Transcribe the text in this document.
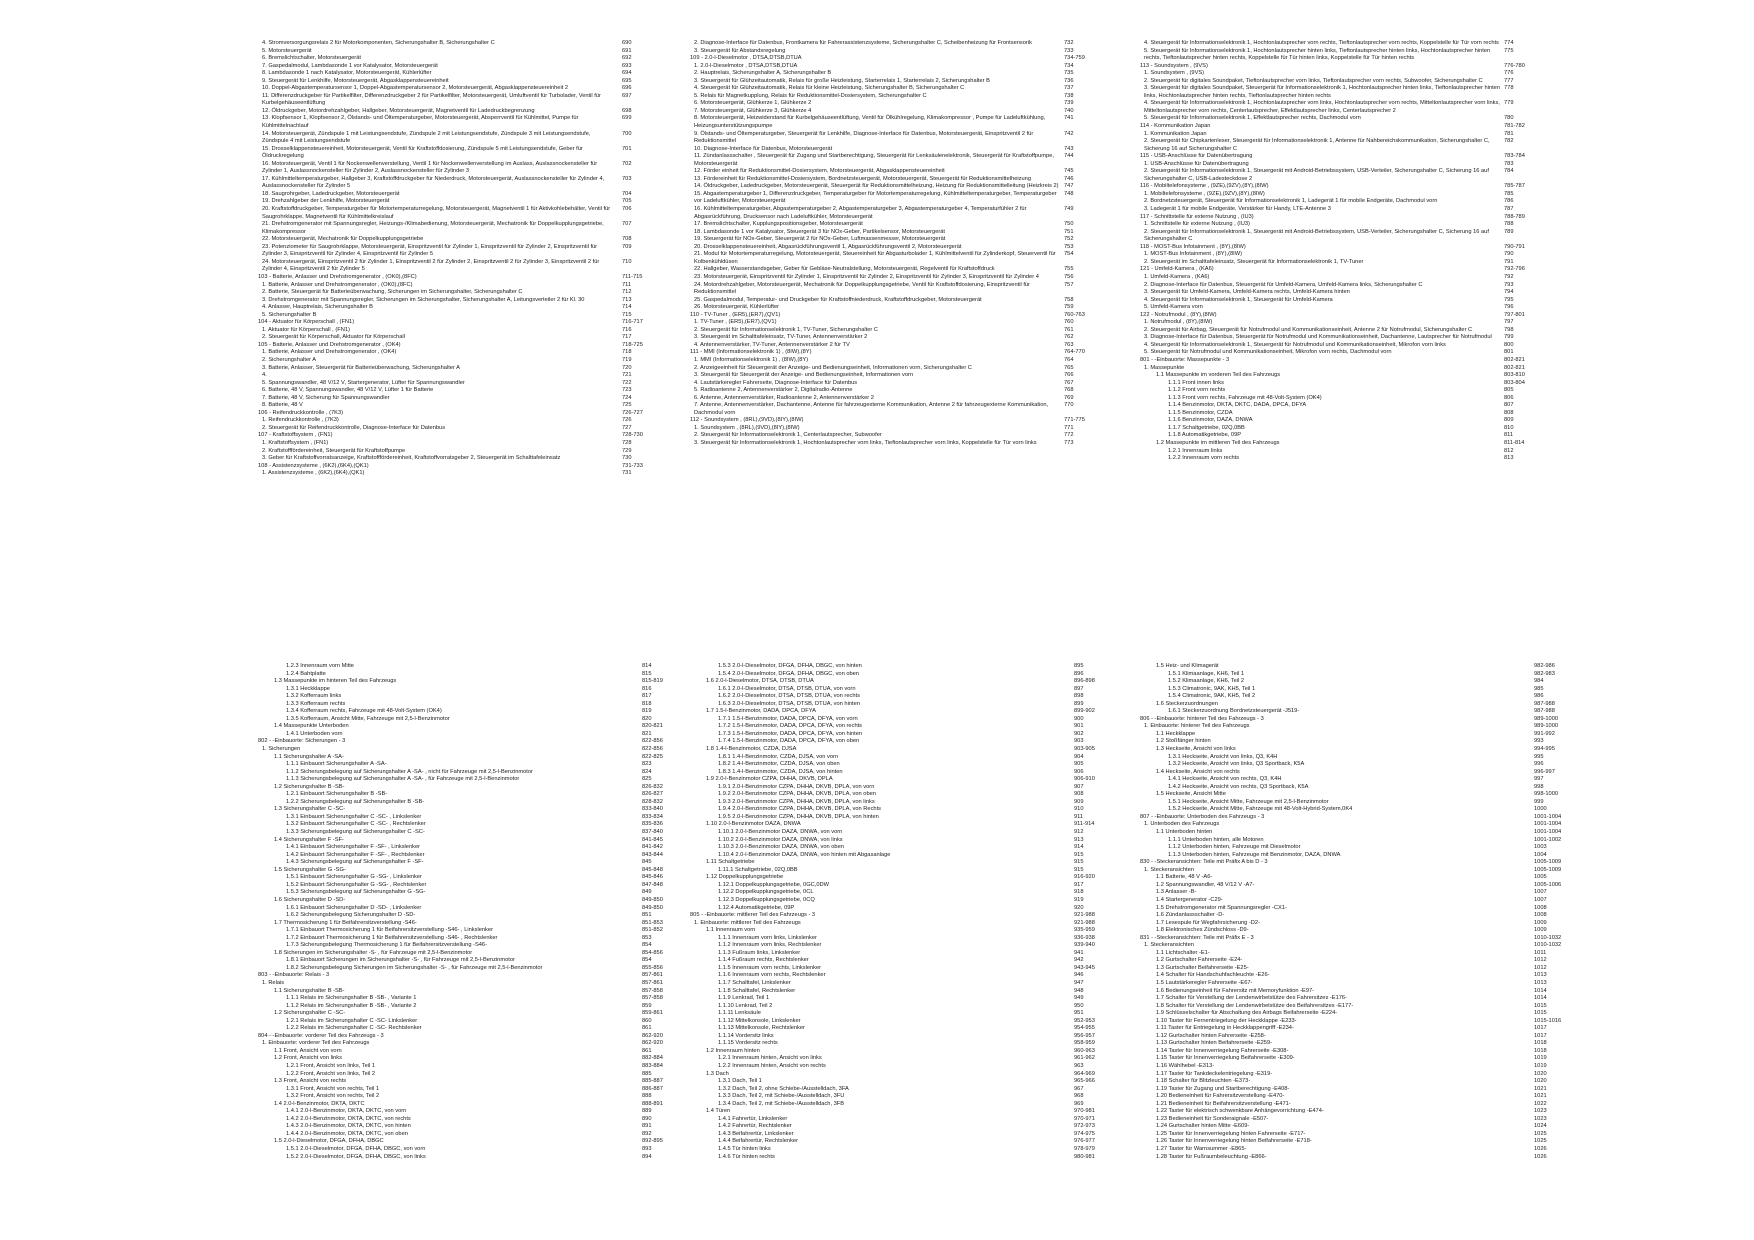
4. Stromversorgungsrelais 2 für Motorkomponenten, Sicherungshalter B, Sicherungshalter C	690
5. Motorsteuergerät	691
6. Bremslichtschalter, Motorsteuergerät	692
7. Gaspedalmodul, Lambdasonde 1 vor Katalysator, Motorsteuergerät	693
8. Lambdasonde 1 nach Katalysator, Motorsteuergerät, Kühlerlüfter	694
9. Steuergerät für Lenkhilfe, Motorsteuergerät, Abgasklappensteuereinheit	695
10. Doppel-Abgastemperatursensor 1, Doppel-Abgastemperatursensor 2, Motorsteuergerät, Abgasklappensteuereinheit 2	696
11. Differenzdruckgeber für Partikelfilter, Differenzdruckgeber 2 für Partikelfilter, Motorsteuergerät, Umluftventil für Turbolader, Ventil für Kurbelgehäuseentlüftung
697
12. Öldruckgeber, Motordrehzahlgeber, Hallgeber, Motorsteuergerät, Magnetventil für Ladedruckbegrenzung	698
13. Klopfsensor 1, Klopfsensor 2, Ölstands- und Öltemperaturgeber, Motorsteuergerät, Absperrventil für Kühlmittel, Pumpe für Kühlmittelnachlauf
699
14. Motorsteuergerät, Zündspule 1 mit Leistungsendstufe, Zündspule 2 mit Leistungsendstufe, Zündspule 3 mit Leistungsendstufe, Zündspule 4 mit Leistungsendstufe
700
15. Drosselklappensteuereinheit, Motorsteuergerät, Ventil für Kraftstoffdosierung, Zündspule 5 mit Leistungsendstufe, Geber für Öldruckregelung
701
16. Motorsteuergerät, Ventil 1 für Nockenwellenverstellung, Ventil 1 für Nockenwellenverstellung im Auslass, Auslassnockensteller für Zylinder 1, Auslassnockensteller für Zylinder 2, Auslassnockensteller für Zylinder 3
702
17. Kühlmitteltemperaturgeber, Hallgeber 3, Kraftstoffdruckgeber für Niederdruck, Motorsteuergerät, Auslassnockensteller für Zylinder 4, Auslassnockensteller für Zylinder 5
703
18. Saugrohrgeber, Ladedruckgeber, Motorsteuergerät	704
19. Drehzahlgeber der Lenkhilfe, Motorsteuergerät	705
20. Kraftstoffdruckgeber, Temperaturgeber für Motortemperaturregelung, Motorsteuergerät, Magnetventil 1 für Aktivkohlebehälter, Ventil für Saugrohrklappe, Magnetventil für Kühlmittelkreislauf
706
21. Drehstromgenerator mit Spannungsregler, Heizungs-/Klimabedienung, Motorsteuergerät, Mechatronik für Doppelkupplungsgetriebe, Klimakompressor
707
22. Motorsteuergerät, Mechatronik für Doppelkupplungsgetriebe	708
23. Potenziometer für Saugrohrklappe, Motorsteuergerät, Einspritzventil für Zylinder 1, Einspritzventil für Zylinder 2, Einspritzventil für Zylinder 3, Einspritzventil für Zylinder 4, Einspritzventil für Zylinder 5
709
24. Motorsteuergerät, Einspritzventil 2 für Zylinder 1, Einspritzventil 2 für Zylinder 2, Einspritzventil 2 für Zylinder 3, Einspritzventil 2 für Zylinder 4, Einspritzventil 2 für Zylinder 5
710
103 - Batterie, Anlasser und Drehstromgenerator , (OK0),(8FC)	711-715
1. Batterie, Anlasser und Drehstromgenerator , (OK0),(8FC)	711
2. Batterie, Steuergerät für Batterieüberwachung, Sicherungen im Sicherungshalter, Sicherungshalter C	712
3. Drehstromgenerator mit Spannungsregler, Sicherungen im Sicherungshalter, Sicherungshalter A, Leitungsverteiler 2 für Kl. 30	713
4. Anlasser, Hauptrelais, Sicherungshalter B	714
5. Sicherungshalter B	715
104 - Aktuator für Körperschall , (FN1)	716-717
1. Aktuator für Körperschall , (FN1)	716
2. Steuergerät für Körperschall, Aktuator für Körperschall	717
105 - Batterie, Anlasser und Drehstromgenerator , (OK4)	718-725
1. Batterie, Anlasser und Drehstromgenerator , (OK4)	718
2. Sicherungshalter A	719
3. Batterie, Anlasser, Steuergerät für Batterieüberwachung, Sicherungshalter A	720
4.	721
5. Spannungswandler, 48 V/12 V, Startergenerator, Lüfter für Spannungswandler	722
6. Batterie, 48 V, Spannungswandler, 48 V/12 V, Lüfter 1 für Batterie	723
7. Batterie, 48 V, Sicherung für Spannungswandler	724
8. Batterie, 48 V	725
106 - Reifendruckkontrolle , (7K3)	726-727
1. Reifendruckkontrolle , (7K3)	726
2. Steuergerät für Reifendruckkontrolle, Diagnose-Interface für Datenbus	727
107 - Kraftstoffsystem , (FN1)	728-730
1. Kraftstoffsystem , (FN1)	728
2. Kraftstofffördereinheit, Steuergerät für Kraftstoffpumpe	729
3. Geber für Kraftstoffvorratsanzeige, Kraftstofffördereinheit, Kraftstoffvorratsgeber 2, Steuergerät im Schalttafeleinsatz	730
108 - Assistenzsysteme , (6K2),(6K4),(QK1)	731-733
1. Assistenzsysteme , (6K2),(6K4),(QK1)	731
2. Diagnose-Interface für Datenbus, Frontkamera für Fahrerassistenzsysteme, Sicherungshalter C, Scheibenheizung für Frontsensorik	732
3. Steuergerät für Abstandsregelung	733
109 - 2.0-l-Dieselmotor , DTSA,DTSB,DTUA	734-759
1. 2.0-l-Dieselmotor , DTSA,DTSB,DTUA	734
2. Hauptrelais, Sicherungshalter A, Sicherungshalter B	735
3. Steuergerät für Glühzeitautomatik, Relais für große Heizleistung, Starterrelais 1, Starterrelais 2, Sicherungshalter B	736
4. Steuergerät für Glühzeitautomatik, Relais für kleine Heizleistung, Sicherungshalter B, Sicherungshalter C	737
5. Relais für Magnetkupplung, Relais für Reduktionsmittel-Dosiersystem, Sicherungshalter C	738
6. Motorsteuergerät, Glühkerze 1, Glühkerze 2	739
7. Motorsteuergerät, Glühkerze 3, Glühkerze 4	740
8. Motorsteuergerät, Heizwiderstand für Kurbelgehäuseentlüftung, Ventil für Ölkühlregelung, Klimakompressor , Pumpe für Ladeluftkühlung, Heizungsunterstützungspumpe
741
9. Ölstands- und Öltemperaturgeber, Steuergerät für Lenkhilfe, Diagnose-Interface für Datenbus, Motorsteuergerät, Einspritzventil 2 für Reduktionsmittel
742
10. Diagnose-Interface für Datenbus, Motorsteuergerät	743
11. Zündanlassschalter , Steuergerät für Zugang und Startberechtigung, Steuergerät für Lenksäulenelektronik, Steuergerät für Kraftstoffpumpe, Motorsteuergerät
744
12. Förder einheit für Reduktionsmittel-Dosiersystem, Motorsteuergerät, Abgasklappensteuereinheit	745
13. Fördereinheit für Reduktionsmittel-Dosiersystem, Bordnetzsteuergerät, Motorsteuergerät, Steuergerät für Reduktionsmittelheizung	746
14. Öldruckgeber, Ladedruckgeber, Motorsteuergerät, Steuergerät für Reduktionsmittelheizung, Heizung für Reduktionsmittelleitung (Heizkreis 2) 747
15. Abgastemperaturgeber 1, Differenzdruckgeber, Temperaturgeber für Motortemperaturregelung, Kühlmitteltemperaturgeber, Temperaturgeber vor Ladeluftkühler, Motorsteuergerät
748
16. Kühlmitteltemperaturgeber, Abgastemperaturgeber 2, Abgastemperaturgeber 3, Abgastemperaturgeber 4, Temperaturfühler 2 für Abgasrückführung, Drucksensor nach Ladeluftkühler, Motorsteuergerät
749
17. Bremslichtschalter, Kupplungspositionsgeber, Motorsteuergerät	750
18. Lambdasonde 1 vor Katalysator, Steuergerät 3 für NOx-Geber, Partikelsensor, Motorsteuergerät	751
19. Steuergerät für NOx-Geber, Steuergerät 2 für NOx-Geber, Luftmassenmesser, Motorsteuergerät	752
20. Drosselklappensteuereinheit, Abgasrückführungsventil 1, Abgasrückführungsventil 2, Motorsteuergerät	753
21. Modul für Motortemperaturregelung, Motorsteuergerät, Steuereinheit für Abgasturbolader 1, Kühlmittelventil für Zylinderkopf, Steuerventil für Kolbenkühldüsen
754
22. Hallgeber, Wasserstandsgeber, Geber für Gebläse-Neutralstellung, Motorsteuergerät, Regelventil für Kraftstoffdruck	755
23. Motorsteuergerät, Einspritzventil für Zylinder 1, Einspritzventil für Zylinder 2, Einspritzventil für Zylinder 3, Einspritzventil für Zylinder 4	756
24. Motordrehzahlgeber, Motorsteuergerät, Mechatronik für Doppelkupplungsgetriebe, Ventil für Kraftstoffdosierung, Einspritzventil für Reduktionsmittel
757
25. Gaspedalmodul, Temperatur- und Druckgeber für Kraftstoffniederdruck, Kraftstoffdruckgeber, Motorsteuergerät	758
26. Motorsteuergerät, Kühlerlüfter	759
110 - TV-Tuner , (ER5),(ER7),(QV1)	760-763
1. TV-Tuner , (ER5),(ER7),(QV1)	760
2. Steuergerät für Informationselektronik 1, TV-Tuner, Sicherungshalter C	761
3. Steuergerät im Schalttafeleinsatz, TV-Tuner, Antennenverstärker 2	762
4. Antennenverstärker, TV-Tuner, Antennenverstärker 2 für TV	763
111 - MMI (Informationselektronik 1) , (8IW),(8Y)	764-770
1. MMI (Informationselektronik 1) , (8IW),(8Y)	764
2. Anzeigeeinheit für Steuergerät der Anzeige- und Bedienungseinheit, Informationen vorn, Sicherungshalter C	765
3. Steuergerät für Steuergerät der Anzeige- und Bedienungseinheit, Informationen vorn	766
4. Lautstärkeregler Fahrerseite, Diagnose-Interface für Datenbus	767
5. Radioantenne 2, Antennenverstärker 2, Digitalradio-Antenne	768
6. Antenne, Antennenverstärker, Radioantenne 2, Antennenverstärker 2	769
7. Antenne, Antennenverstärker, Dachantenne, Antenne für fahrzeugexterne Kommunikation, Antenne 2 für fahrzeugexterne Kommunikation, Dachmodul vorn
770
112 - Soundsystem , (8RL),(9VD),(8IY),(8IW)	771-775
1. Soundsystem , (8RL),(9VD),(8IY),(8IW)	771
2. Steuergerät für Informationselektronik 1, Centerlautsprecher, Subwoofer	772
3. Steuergerät für Informationselektronik 1, Hochtonlautsprecher vorn links, Tieftonlautsprecher vorn links, Koppelstelle für Tür vorn links	773
4. Steuergerät für Informationselektronik 1, Hochtonlautsprecher vorn rechts, Tieftonlautsprecher vorn rechts, Koppelstelle für Tür vorn rechts 774
5. Steuergerät für Informationselektronik 1, Hochtonlautsprecher hinten links, Tieftonlautsprecher hinten links, Hochtonlautsprecher hinten rechts, Tieftonlautsprecher hinten rechts, Koppelstelle für Tür hinten links, Koppelstelle für Tür hinten rechts
775
113 - Soundsystem , (9VS)	776-780
1. Soundsystem , (9VS)	776
2. Steuergerät für digitales Soundpaket, Tieftonlautsprecher vorn links, Tieftonlautsprecher vorn rechts, Subwoofer, Sicherungshalter C	777
3. Steuergerät für digitales Soundpaket, Steuergerät für Informationselektronik 1, Hochtonlautsprecher hinten links, Tieftonlautsprecher hinten links, Hochtonlautsprecher hinten rechts, Tieftonlautsprecher hinten rechts
778
4. Steuergerät für Informationselektronik 1, Hochtonlautsprecher vorn links, Hochtonlautsprecher vorn rechts, Mitteltonlautsprecher vorn links, Mitteltonlautsprecher vorn rechts, Centerlautsprecher, Effektlautsprecher links, Centerlautsprecher 2
779
5. Steuergerät für Informationselektronik 1, Effektlautsprecher rechts, Dachmodul vorn	780
114 - Kommunikation Japan	781-782
1. Kommunikation Japan	781
2. Steuergerät für Chipkartenleser, Steuergerät für Informationselektronik 1, Antenne für Nahbereichskommunikation, Sicherungshalter C, Sicherung 16 auf Sicherungshalter C
782
115 - USB-Anschlüsse für Datenübertragung	783-784
1. USB-Anschlüsse für Datenübertragung	783
2. Steuergerät für Informationselektronik 1, Steuergerät mit Android-Betriebssystem, USB-Verteiler, Sicherungshalter C, Sicherung 16 auf Sicherungshalter C, USB-Ladesteckdose 2
784
116 - Mobiltelefonsysteme , (9ZE),(9ZV),(8Y),(8IW)	785-787
1. Mobiltelefonsysteme , (9ZE),(9ZV),(8Y),(8IW)	785
2. Bordnetzsteuergerät, Steuergerät für Informationselektronik 1, Ladegerät 1 für mobile Endgeräte, Dachmodul vorn	786
3. Ladegerät 1 für mobile Endgeräte, Verstärker für Handy, LTE-Antenne 3	787
117 - Schnittstelle für externe Nutzung , (IU3)	788-789
1. Schnittstelle für externe Nutzung , (IU3)	788
2. Steuergerät für Informationselektronik 1, Steuergerät mit Android-Betriebssystem, USB-Verteiler, Sicherungshalter C, Sicherung 16 auf Sicherungshalter C
789
118 - MOST-Bus Infotainment , (8Y),(8IW)	790-791
1. MOST-Bus Infotainment , (8Y),(8IW)	790
2. Steuergerät im Schalttafeleinsatz, Steuergerät für Informationselektronik 1, TV-Tuner	791
121 - Umfeld-Kamera , (KA6)	792-796
1. Umfeld-Kamera , (KA6)	792
2. Diagnose-Interface für Datenbus, Steuergerät für Umfeld-Kamera, Umfeld-Kamera links, Sicherungshalter C	793
3. Steuergerät für Umfeld-Kamera, Umfeld-Kamera rechts, Umfeld-Kamera hinten	794
4. Steuergerät für Informationselektronik 1, Steuergerät für Umfeld-Kamera	795
5. Umfeld-Kamera vorn	796
122 - Notrufmodul , (8Y),(8IW)	797-801
1. Notrufmodul , (8Y),(8IW)	797
2. Steuergerät für Airbag, Steuergerät für Notrufmodul und Kommunikationseinheit, Antenne 2 für Notrufmodul, Sicherungshalter C	798
3. Diagnose-Interface für Datenbus, Steuergerät für Notrufmodul und Kommunikationseinheit, Dachantenne, Lautsprecher für Notrufmodul	799
4. Steuergerät für Informationselektronik 1, Steuergerät für Notrufmodul und Kommunikationseinheit, Mikrofon vorn links	800
5. Steuergerät für Notrufmodul und Kommunikationseinheit, Mikrofon vorn rechts, Dachmodul vorn	801
801 - -Einbauorte: Massepunkte - 3	802-821
1. Massepunkte	802-821
1.1 Massepunkte im vorderen Teil des Fahrzeugs	803-810
1.1.1 Front innen links	803-804
1.1.2 Front vorn rechts	805
1.1.3 Front vorn rechts, Fahrzeuge mit 48-Volt-System (OK4)	806
1.1.4 Benzinmotor, DKTA, DKTC, DADA, DPCA, DFYA	807
1.1.5 Benzinmotor, CZDA	808
1.1.6 Benzinmotor, DAZA, DNWA	809
1.1.7 Schaltgetriebe, 02Q,0BB	810
1.1.8 Automatikgetriebe, 09P	811
1.2 Massepunkte im mittleren Teil des Fahrzeugs	811-814
1.2.1 Innenraum links	812
1.2.2 Innenraum vorn rechts	813
1.2.3 Innenraum vorn Mitte	814
1.2.4 Bahtplatte	815
1.3 Massepunkte im hinteren Teil des Fahrzeugs	815-819
1.3.1 Heckklappe	816
1.3.2 Kofferraum links	817
1.3.3 Kofferraum rechts	818
1.3.4 Kofferraum rechts, Fahrzeuge mit 48-Volt-System (OK4)	819
1.3.5 Kofferraum, Ansicht Mitte, Fahrzeuge mit 2,5-l-Benzinmotor	820
1.4 Massepunkte Unterboden	820-821
1.4.1 Unterboden vorn	821
802 - -Einbauorte: Sicherungen - 3	822-856
1. Sicherungen	822-856
1.1 Sicherungshalter A -SA-	822-825
1.1.1 Einbauort Sicherungshalter A -SA-	823
1.1.2 Sicherungsbelegung auf Sicherungshalter A -SA- , nicht für Fahrzeuge mit 2,5-l-Benzinmotor	824
1.1.3 Sicherungsbelegung auf Sicherungshalter A -SA- , für Fahrzeuge mit 2,5-l-Benzinmotor	825
1.2 Sicherungshalter B -SB-	826-832
1.2.1 Einbauort Sicherungshalter B -SB-	826-827
1.2.2 Sicherungsbelegung auf Sicherungshalter B -SB-	828-832
1.3 Sicherungshalter C -SC-	833-840
1.3.1 Einbauort Sicherungshalter C -SC- , Linkslenker	833-834
1.3.2 Einbauort Sicherungshalter C -SC- , Rechtslenker	835-836
1.3.3 Sicherungsbelegung auf Sicherungshalter C -SC-	837-840
1.4 Sicherungshalter F -SF-	841-845
1.4.1 Einbauort Sicherungshalter F -SF- , Linkslenker	841-842
1.4.2 Einbauort Sicherungshalter F -SF- , Rechtslenker	843-844
1.4.3 Sicherungsbelegung auf Sicherungshalter F -SF-	845
1.5 Sicherungshalter G -SG-	845-848
1.5.1 Einbauort Sicherungshalter G -SG- , Linkslenker	845-846
1.5.2 Einbauort Sicherungshalter G -SG- , Rechtslenker	847-848
1.5.3 Sicherungsbelegung auf Sicherungshalter G -SG-	849
1.6 Sicherungshalter D -SD-	849-850
1.6.1 Einbauort Sicherungshalter D -SD- , Linkslenker	849-850
1.6.2 Sicherungsbelegung Sicherungshalter D -SD-	851
1.7 Thermosicherung 1 für Beifahrersitzverstellung -S46-	851-853
1.7.1 Einbauort Thermosicherung 1 für Beifahrersitzverstellung -S46- , Linkslenker	851-852
1.7.2 Einbauort Thermosicherung 1 für Beifahrersitzverstellung -S46- , Rechtslenker	853
1.7.3 Sicherungsbelegung Thermosicherung 1 für Beifahrersitzverstellung -S46-	854
1.8 Sicherungen im Sicherungshalter -S- , für Fahrzeuge mit 2,5-l-Benzinmotor	854-856
1.8.1 Einbauort Sicherungen im Sicherungshalter -S- , für Fahrzeuge mit 2,5-l-Benzinmotor	854
1.8.2 Sicherungsbelegung Sicherungen im Sicherungshalter -S- , für Fahrzeuge mit 2,5-l-Benzinmotor	855-856
803 - -Einbauorte: Relais - 3	857-861
1. Relais	857-861
1.1 Sicherungshalter B -SB-	857-858
1.1.1 Relais im Sicherungshalter B -SB- , Variante 1	857-858
1.1.2 Relais im Sicherungshalter B -SB- , Variante 2	859
1.2 Sicherungshalter C -SC-	859-861
1.2.1 Relais im Sicherungshalter C -SC- Linkslenker	860
1.2.2 Relais im Sicherungshalter C -SC- Rechtslenker	861
804 - -Einbauorte: vorderer Teil des Fahrzeugs - 3	862-920
1. Einbauorte: vorderer Teil des Fahrzeugs	862-920
1.1 Front, Ansicht von vorn	861
1.2 Front, Ansicht von links	882-884
1.2.1 Front, Ansicht von links, Teil 1	883-884
1.2.2 Front, Ansicht von links, Teil 2	885
1.3 Front, Ansicht von rechts	885-887
1.3.1 Front, Ansicht von rechts, Teil 1	886-887
1.3.2 Front, Ansicht von rechts, Teil 2	888
1.4 2.0-l-Benzinmotor, DKTA, DKTC	888-891
1.4.1 2.0-l-Benzinmotor, DKTA, DKTC, von vorn	889
1.4.2 2.0-l-Benzinmotor, DKTA, DKTC, von rechts	890
1.4.3 2.0-l-Benzinmotor, DKTA, DKTC, von hinten	891
1.4.4 2.0-l-Benzinmotor, DKTA, DKTC, von oben	892
1.5 2.0-l-Dieselmotor, DFGA, DFHA, DBGC	892-895
1.5.1 2.0-l-Dieselmotor, DFGA, DFHA, DBGC, von vorn	893
1.5.2 2.0-l-Dieselmotor, DFGA, DFHA, DBGC, von links	894
1.5.3 2.0-l-Dieselmotor, DFGA, DFHA, DBGC, von hinten	895
1.5.4 2.0-l-Dieselmotor, DFGA, DFHA, DBGC, von oben	896
1.6 2.0-l-Dieselmotor, DTSA, DTSB, DTUA	896-898
1.6.1 2.0-l-Dieselmotor, DTSA, DTSB, DTUA, von vorn	897
1.6.2 2.0-l-Dieselmotor, DTSA, DTSB, DTUA, von rechts	898
1.6.3 2.0-l-Dieselmotor, DTSA, DTSB, DTUA, von hinten	899
1.7 1.5-l-Benzinmotor, DADA, DPCA, DFYA	899-902
1.7.1 1.5-l-Benzinmotor, DADA, DPCA, DFYA, von vorn	900
1.7.2 1.5-l-Benzinmotor, DADA, DPCA, DFYA, von rechts	901
1.7.3 1.5-l-Benzinmotor, DADA, DPCA, DFYA, von hinten	902
1.7.4 1.5-l-Benzinmotor, DADA, DPCA, DFYA, von oben	903
1.8 1.4-l-Benzinmotor, CZDA, DJSA	903-905
1.8.1 1.4-l-Benzinmotor, CZDA, DJSA, von vorn	904
1.8.2 1.4-l-Benzinmotor, CZDA, DJSA, von oben	905
1.8.3 1.4-l-Benzinmotor, CZDA, DJSA, von hinten	906
1.9 2.0-l-Benzinmotor CZPA, DHHA, DKVB, DPLA	906-910
1.9.1 2.0-l-Benzinmotor CZPA, DHHA, DKVB, DPLA, von vorn	907
1.9.2 2.0-l-Benzinmotor CZPA, DHHA, DKVB, DPLA, von oben	908
1.9.3 2.0-l-Benzinmotor CZPA, DHHA, DKVB, DPLA, von links	909
1.9.4 2.0-l-Benzinmotor CZPA, DHHA, DKVB, DPLA, von Rechts	910
1.9.5 2.0-l-Benzinmotor CZPA, DHHA, DKVB, DPLA, von hinten	911
1.10 2.0-l-Benzinmotor DAZA, DNWA	911-914
1.10.1 2.0-l-Benzinmotor DAZA, DNWA, von vorn	912
1.10.2 2.0-l-Benzinmotor DAZA, DNWA, von links	913
1.10.3 2.0-l-Benzinmotor DAZA, DNWA, von oben	914
1.10.4 2.0-l-Benzinmotor DAZA, DNWA, von hinten mit Abgasanlage	915
1.11 Schaltgetriebe	915
1.11.1 Schaltgetriebe, 02Q,0BB	915
1.12 Doppelkupplungsgetriebe	916-920
1.12.1 Doppelkupplungsgetriebe, 0GC,0DW	917
1.12.2 Doppelkupplungsgetriebe, 0CL	918
1.12.3 Doppelkupplungsgetriebe, 0CQ	919
1.12.4 Automatikgetriebe, 09P	920
805 - -Einbauorte: mittlerer Teil des Fahrzeugs - 3	921-988
1. Einbauorte: mittlerer Teil des Fahrzeugs	921-988
1.1 Innenraum vorn	935-959
1.1.1 Innenraum vorn links, Linkslenker	936-938
1.1.2 Innenraum vorn links, Rechtslenker	939-940
1.1.3 Fußraum links, Linkslenker	941
1.1.4 Fußraum rechts, Rechtslenker	942
1.1.5 Innenraum vorn rechts, Linkslenker	943-945
1.1.6 Innenraum vorn rechts, Rechtslenker	946
1.1.7 Schalttafel, Linkslenker	947
1.1.8 Schalttafel, Rechtslenker	948
1.1.9 Lenkrad, Teil 1	949
1.1.10 Lenkrad, Teil 2	950
1.1.11 Lenksäule	951
1.1.12 Mittelkonsole, Linkslenker	952-953
1.1.13 Mittelkonsole, Rechtslenker	954-955
1.1.14 Vordersitz links	956-957
1.1.15 Vordersitz rechts	958-959
1.2 Innenraum hinten	960-963
1.2.1 Innenraum hinten, Ansicht von links	961-962
1.2.2 Innenraum hinten, Ansicht von rechts	963
1.3 Dach	964-969
1.3.1 Dach, Teil 1	965-966
1.3.2 Dach, Teil 2, ohne Schiebe-/Ausstelldach, 3FA	967
1.3.3 Dach, Teil 2, mit Schiebe-/Ausstelldach, 3FU	968
1.3.4 Dach, Teil 2, mit Schiebe-/Ausstelldach, 3FB	969
1.4 Türen	970-981
1.4.1 Fahrertür, Linkslenker	970-971
1.4.2 Fahrertür, Rechtslenker	972-973
1.4.3 Beifahrertür, Linkslenker	974-975
1.4.4 Beifahrertür, Rechtslenker	976-977
1.4.5 Tür hinten links	978-979
1.4.6 Tür hinten rechts	980-981
1.5 Heiz- und Klimagerät	982-986
1.5.1 Klimaanlage, KH6, Teil 1	982-983
1.5.2 Klimaanlage, KH6, Teil 2	984
1.5.3 Climatronic, 9AK, KH5, Teil 1	985
1.5.4 Climatronic, 9AK, KH5, Teil 2	986
1.6 Steckerzuordnungen	987-988
1.6.1 Steckerzuordnung Bordnetzsteuergerät -J519-	987-988
806 - -Einbauorte: hinterer Teil des Fahrzeugs - 3	989-1000
1. Einbauorte: hinterer Teil des Fahrzeugs	989-1000
1.1 Heckklappe	991-992
1.2 Stoßfänger hinten	993
1.3 Heckseite, Ansicht von links	994-995
1.3.1 Heckseite, Ansicht von links, Q3, K4H	995
1.3.2 Heckseite, Ansicht von links, Q3 Sportback, K5A	996
1.4 Heckseite, Ansicht von rechts	996-997
1.4.1 Heckseite, Ansicht von rechts, Q3, K4H	997
1.4.2 Heckseite, Ansicht von rechts, Q3 Sportback, K5A	998
1.5 Heckseite, Ansicht Mitte	998-1000
1.5.1 Heckseite, Ansicht Mitte, Fahrzeuge mit 2,5-l-Benzinmotor	999
1.5.2 Heckseite, Ansicht Mitte, Fahrzeuge mit 48-Volt-Hybrid-System,0K4	1000
807 - -Einbauorte: Unterboden des Fahrzeugs - 3	1001-1004
1. Unterboden des Fahrzeugs	1001-1004
1.1 Unterboden hinten	1001-1004
1.1.1 Unterboden hinten, alle Motoren	1001-1002
1.1.2 Unterboden hinten, Fahrzeuge mit Dieselmotor	1003
1.1.3 Unterboden hinten, Fahrzeuge mit Benzinmotor, DAZA, DNWA	1004
830 - -Steckeransichten: Teile mit Präfix A bis D - 3	1005-1009
1. Steckeransichten	1005-1009
1.1 Batterie, 48 V -A6-	1005
1.2 Spannungswandler, 48 V/12 V -A7-	1005-1006
1.3 Anlasser -B-	1007
1.4 Startergenerator -C29-	1007
1.5 Drehstromgenerator mit Spannungsregler -CX1-	1008
1.6 Zündanlassschalter -D-	1008
1.7 Lesespule für Wegfahrsicherung -D2-	1009
1.8 Elektronisches Zündschloss -D9-	1009
831 - -Steckeransichten: Teile mit Präfix E - 3	1010-1032
1. Steckeransichten	1010-1032
1.1 Lichtschalter -E1-	1011
1.2 Gurtschalter Fahrerseite -E24-	1012
1.3 Gurtschalter Beifahrerseite -E25-	1012
1.4 Schalter für Handschuhfachleuchte -E26-	1013
1.5 Lautstärkeregler Fahrerseite -E67-	1013
1.6 Bedienungseinheit für Fahrersitz mit Memoryfunktion -E97-	1014
1.7 Schalter für Verstellung der Lendenwirbelstütze des Fahrersitzes -E176-	1014
1.8 Schalter für Verstellung der Lendenwirbelstütze des Beifahrersitzes -E177-	1015
1.9 Schlüsselschalter für Abschaltung des Airbags Beifahrerseite -E224-	1015
1.10 Taster für Fernentriegelung der Heckklappe -E233-	1015-1016
1.11 Taster für Entriegelung in Heckklappengriff -E234-	1017
1.12 Gurtschalter hinten Fahrerseite -E258-	1017
1.13 Gurtschalter hinten Beifahrerseite -E259-	1018
1.14 Taster für Innenverriegelung Fahrerseite -E308-	1018
1.15 Taster für Innenverriegelung Beifahrerseite -E309-	1019
1.16 Wählhebel -E313-	1019
1.17 Taster für Tankdeckelentriegelung -E319-	1020
1.18 Schalter für Blitzleuchten -E373-	1020
1.19 Taster für Zugang und Startberechtigung -E408-	1021
1.20 Bedieneinheit für Fahrersitzverstellung -E470-	1021
1.21 Bedieneinheit für Beifahrersitzverstellung -E471-	1022
1.22 Taster für elektrisch schwenkbare Anhängevorrichtung -E474-	1023
1.23 Bedieneinheit für Sonderaignale -E507-	1023
1.24 Gurtschalter hinten Mitte -E609-	1024
1.25 Taster für Innenverriegelung hinten Fahrerseite -E717-	1025
1.26 Taster für Innenverriegelung hinten Beifahrerseite -E718-	1025
1.27 Taster für Warnsummer -E865-	1026
1.28 Taster für Fußraumbeleuchtung -E866-	1026
